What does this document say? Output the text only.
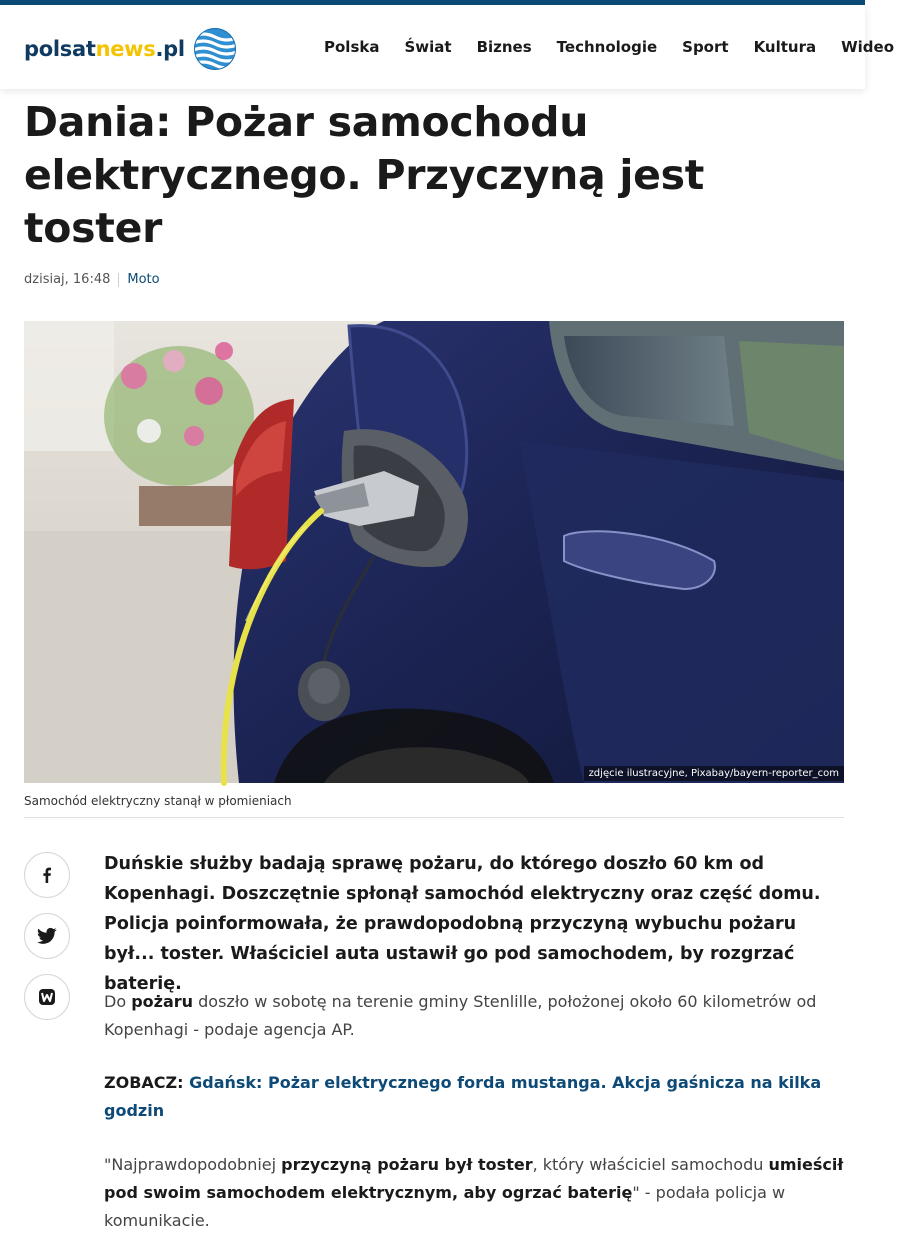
polsatnews.pl	Polska Świat Biznes Technologie Sport Kultura Wideo
Dania: Pożar samochodu elektrycznego. Przyczyną jest toster
dzisiaj, 16:48 Moto
zdjęcie ilustracyjne, Pixabay/bayern-reporter_com
Samochód elektryczny stanął w płomieniach

Duńskie służby badają sprawę pożaru, do którego doszło 60 km od Kopenhagi. Doszczętnie spłonął samochód elektryczny oraz część domu. Policja poinformowała, że prawdopodobną przyczyną wybuchu pożaru był... toster. Właściciel auta ustawił go pod samochodem, by rozgrzać baterię.

Do pożaru doszło w sobotę na terenie gminy Stenlille, położonej około 60 kilometrów od Kopenhagi - podaje agencja AP.

ZOBACZ: Gdańsk: Pożar elektrycznego forda mustanga. Akcja gaśnicza na kilka godzin

"Najprawdopodobniej przyczyną pożaru był toster, który właściciel samochodu umieścił pod swoim samochodem elektrycznym, aby ogrzać baterię" - podała policja w komunikacie.
